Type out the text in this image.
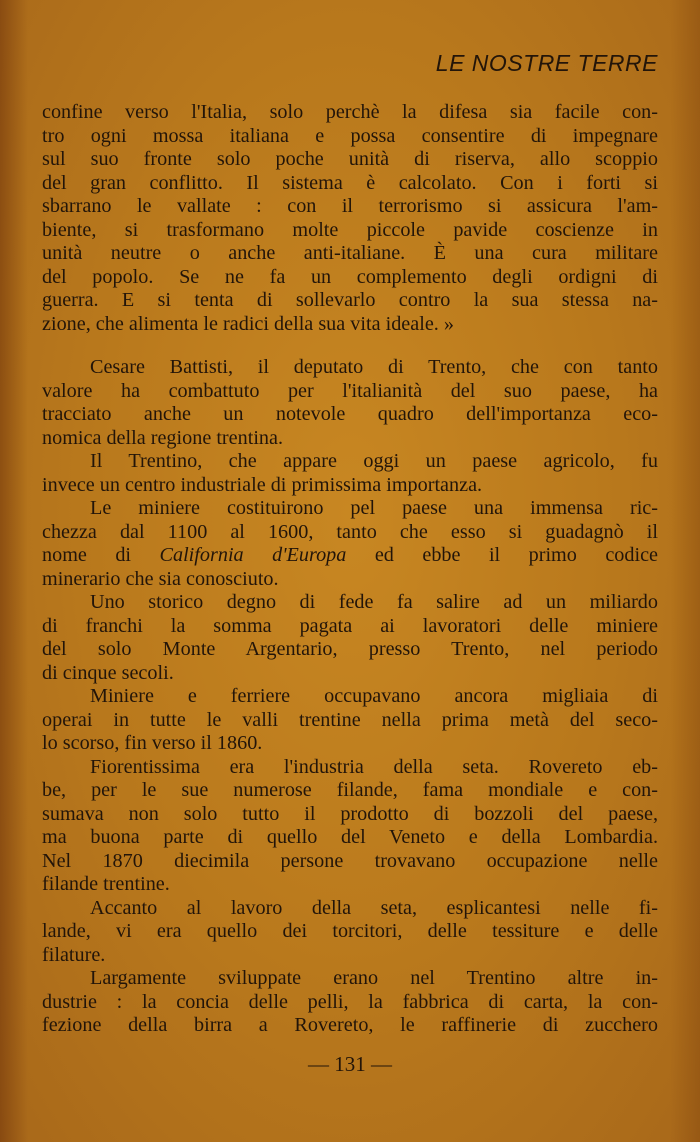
LE NOSTRE TERRE
confine verso l'Italia, solo perchè la difesa sia facile con-
tro ogni mossa italiana e possa consentire di impegnare
sul suo fronte solo poche unità di riserva, allo scoppio
del gran conflitto. Il sistema è calcolato. Con i forti si
sbarrano le vallate : con il terrorismo si assicura l'am-
biente, si trasformano molte piccole pavide coscienze in
unità neutre o anche anti-italiane. È una cura militare
del popolo. Se ne fa un complemento degli ordigni di
guerra. E si tenta di sollevarlo contro la sua stessa na-
zione, che alimenta le radici della sua vita ideale. »
Cesare Battisti, il deputato di Trento, che con tanto
valore ha combattuto per l'italianità del suo paese, ha
tracciato anche un notevole quadro dell'importanza eco-
nomica della regione trentina.
Il Trentino, che appare oggi un paese agricolo, fu
invece un centro industriale di primissima importanza.
Le miniere costituirono pel paese una immensa ric-
chezza dal 1100 al 1600, tanto che esso si guadagnò il
nome di California d'Europa ed ebbe il primo codice
minerario che sia conosciuto.
Uno storico degno di fede fa salire ad un miliardo
di franchi la somma pagata ai lavoratori delle miniere
del solo Monte Argentario, presso Trento, nel periodo
di cinque secoli.
Miniere e ferriere occupavano ancora migliaia di
operai in tutte le valli trentine nella prima metà del seco-
lo scorso, fin verso il 1860.
Fiorentissima era l'industria della seta. Rovereto eb-
be, per le sue numerose filande, fama mondiale e con-
sumava non solo tutto il prodotto di bozzoli del paese,
ma buona parte di quello del Veneto e della Lombardia.
Nel 1870 diecimila persone trovavano occupazione nelle
filande trentine.
Accanto al lavoro della seta, esplicantesi nelle fi-
lande, vi era quello dei torcitori, delle tessiture e delle
filature.
Largamente sviluppate erano nel Trentino altre in-
dustrie : la concia delle pelli, la fabbrica di carta, la con-
fezione della birra a Rovereto, le raffinerie di zucchero
— 131 —
